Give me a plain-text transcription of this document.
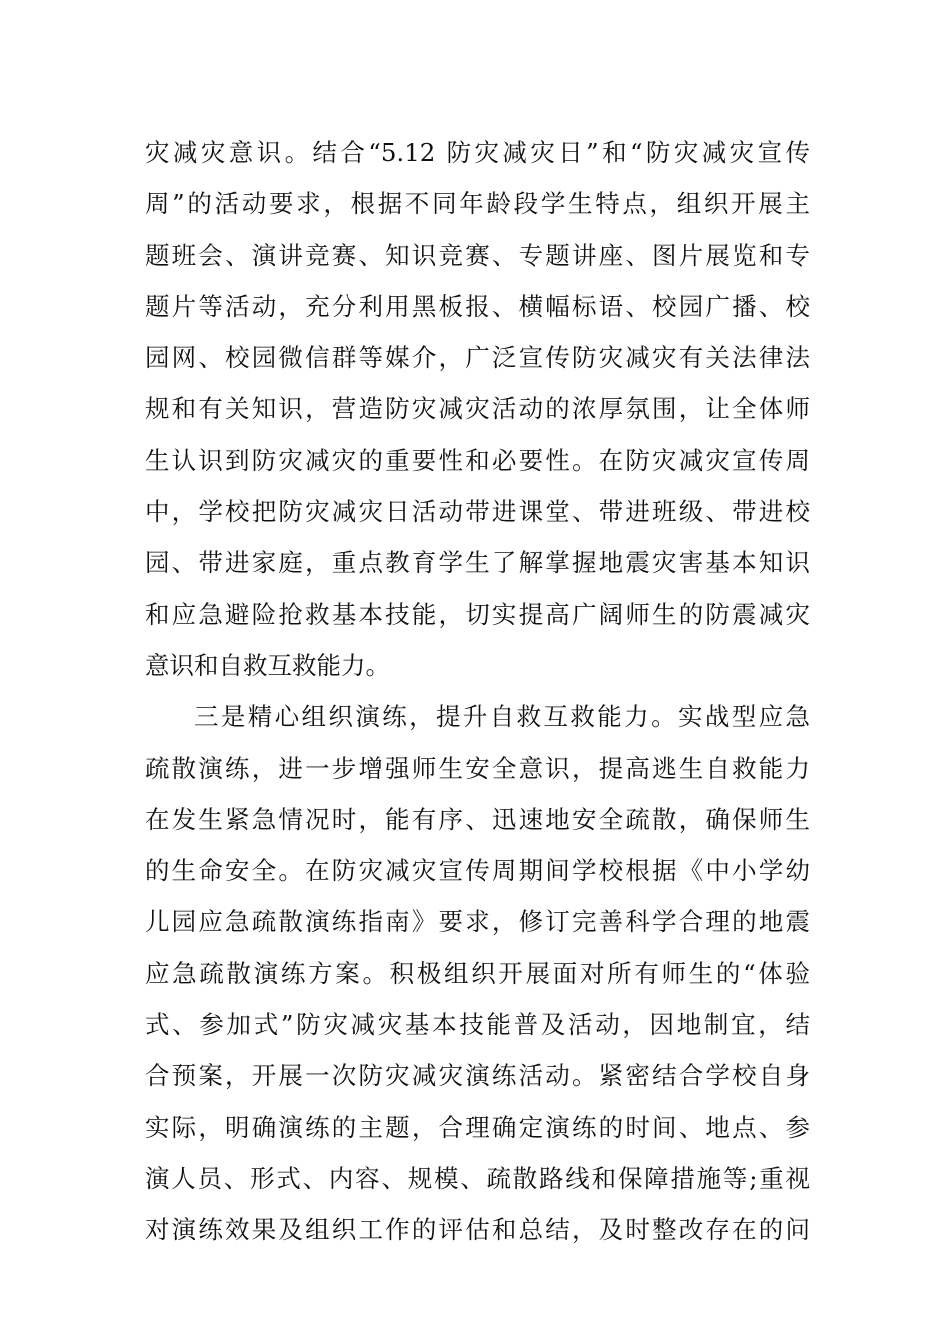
灾减灾意识。结合“5.12 防灾减灾日”和“防灾减灾宣传
周”的活动要求，根据不同年龄段学生特点，组织开展主
题班会、演讲竞赛、知识竞赛、专题讲座、图片展览和专
题片等活动，充分利用黑板报、横幅标语、校园广播、校
园网、校园微信群等媒介，广泛宣传防灾减灾有关法律法
规和有关知识，营造防灾减灾活动的浓厚氛围，让全体师
生认识到防灾减灾的重要性和必要性。在防灾减灾宣传周
中，学校把防灾减灾日活动带进课堂、带进班级、带进校
园、带进家庭，重点教育学生了解掌握地震灾害基本知识
和应急避险抢救基本技能，切实提高广阔师生的防震减灾
意识和自救互救能力。
三是精心组织演练，提升自救互救能力。实战型应急
疏散演练，进一步增强师生安全意识，提高逃生自救能力
在发生紧急情况时，能有序、迅速地安全疏散，确保师生
的生命安全。在防灾减灾宣传周期间学校根据《中小学幼
儿园应急疏散演练指南》要求，修订完善科学合理的地震
应急疏散演练方案。积极组织开展面对所有师生的“体验
式、参加式”防灾减灾基本技能普及活动，因地制宜，结
合预案，开展一次防灾减灾演练活动。紧密结合学校自身
实际，明确演练的主题，合理确定演练的时间、地点、参
演人员、形式、内容、规模、疏散路线和保障措施等;重视
对演练效果及组织工作的评估和总结，及时整改存在的问
